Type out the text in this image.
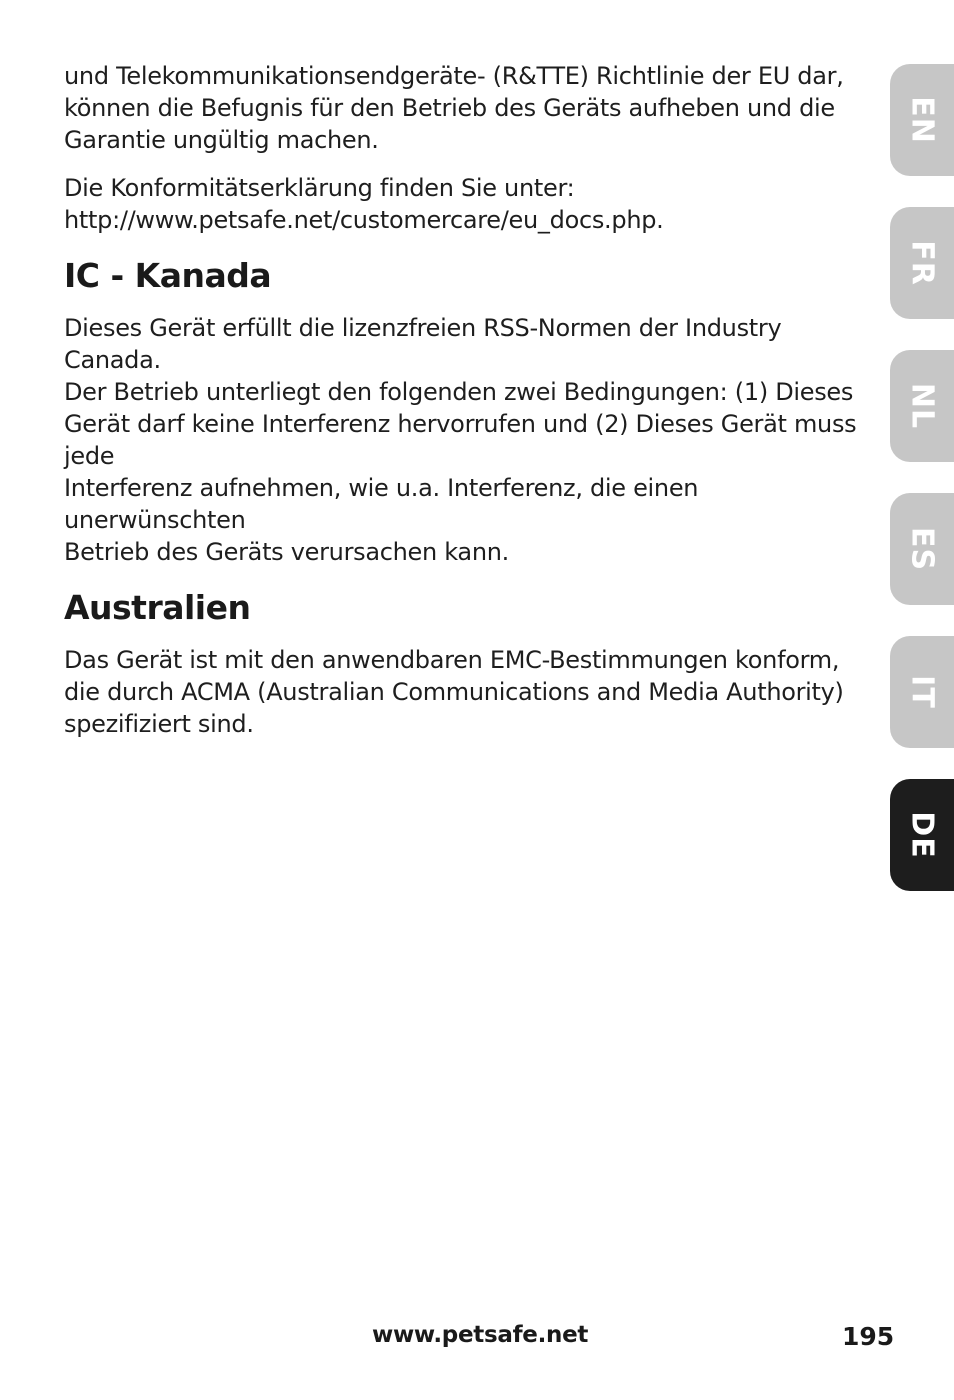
und Telekommunikationsendgeräte- (R&TTE) Richtlinie der EU dar,
können die Befugnis für den Betrieb des Geräts aufheben und die
Garantie ungültig machen.

Die Konformitätserklärung finden Sie unter:
http://www.petsafe.net/customercare/eu_docs.php.

IC - Kanada

Dieses Gerät erfüllt die lizenzfreien RSS-Normen der Industry Canada.
Der Betrieb unterliegt den folgenden zwei Bedingungen: (1) Dieses
Gerät darf keine Interferenz hervorrufen und (2) Dieses Gerät muss jede
Interferenz aufnehmen, wie u.a. Interferenz, die einen unerwünschten
Betrieb des Geräts verursachen kann.

Australien

Das Gerät ist mit den anwendbaren EMC-Bestimmungen konform,
die durch ACMA (Australian Communications and Media Authority)
spezifiziert sind.

EN
FR
NL
ES
IT
DE
www.petsafe.net	195
